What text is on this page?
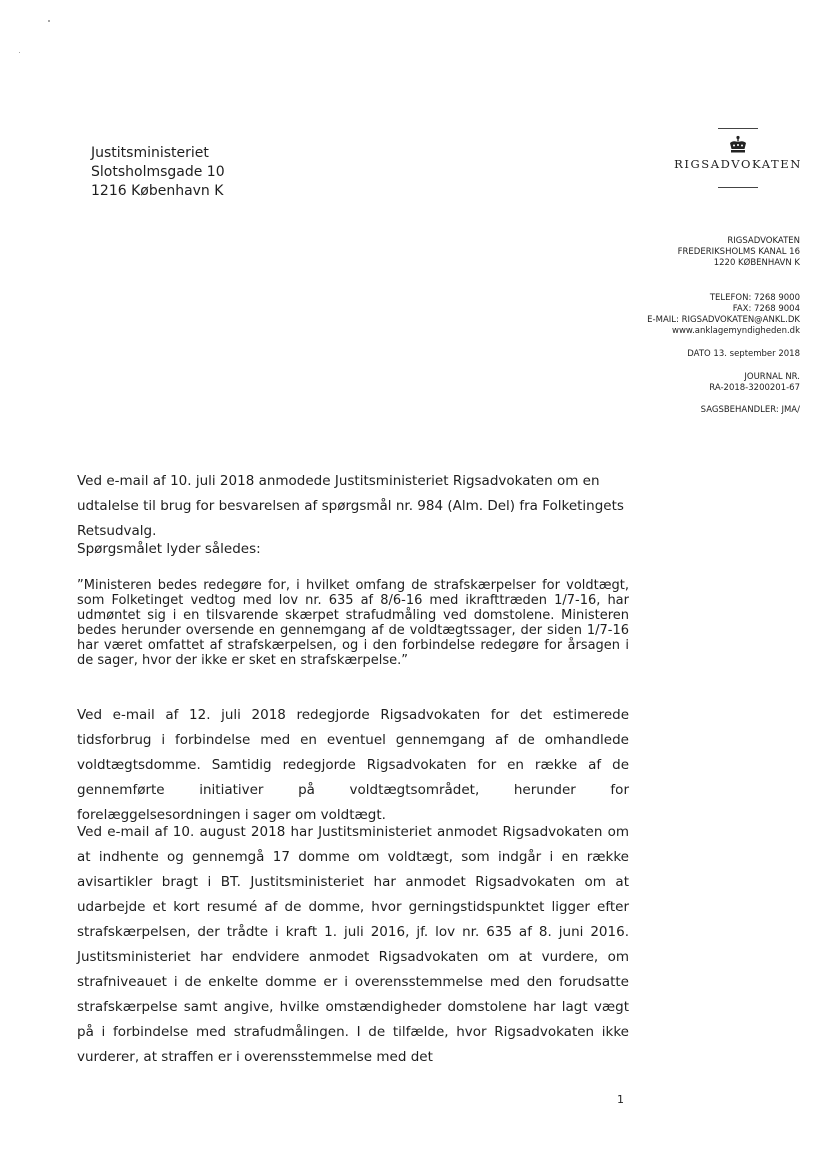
Justitsministeriet
Slotsholmsgade 10
1216 København K
RIGSADVOKATEN
RIGSADVOKATEN
FREDERIKSHOLMS KANAL 16
1220 KØBENHAVN K
TELEFON: 7268 9000
FAX: 7268 9004
E-MAIL: RIGSADVOKATEN@ANKL.DK
www.anklagemyndigheden.dk
DATO 13. september 2018
JOURNAL NR.
RA-2018-3200201-67
SAGSBEHANDLER: JMA/
Ved e-mail af 10. juli 2018 anmodede Justitsministeriet Rigsadvokaten om en udtalelse til brug for besvarelsen af spørgsmål nr. 984 (Alm. Del) fra Folketingets Retsudvalg.
Spørgsmålet lyder således:
”Ministeren bedes redegøre for, i hvilket omfang de strafskærpelser for voldtægt, som Folketinget vedtog med lov nr. 635 af 8/6-16 med ikrafttræden 1/7-16, har udmøntet sig i en tilsvarende skærpet strafudmåling ved domstolene. Ministeren bedes herunder oversende en gennemgang af de voldtægtssager, der siden 1/7-16 har været omfattet af strafskærpelsen, og i den forbindelse redegøre for årsagen i de sager, hvor der ikke er sket en strafskærpelse.”
Ved e-mail af 12. juli 2018 redegjorde Rigsadvokaten for det estimerede tidsforbrug i forbindelse med en eventuel gennemgang af de omhandlede voldtægtsdomme. Samtidig redegjorde Rigsadvokaten for en række af de gennemførte initiativer på voldtægtsområdet, herunder for forelæggelsesordningen i sager om voldtægt.
Ved e-mail af 10. august 2018 har Justitsministeriet anmodet Rigsadvokaten om at indhente og gennemgå 17 domme om voldtægt, som indgår i en række avisartikler bragt i BT. Justitsministeriet har anmodet Rigsadvokaten om at udarbejde et kort resumé af de domme, hvor gerningstidspunktet ligger efter strafskærpelsen, der trådte i kraft 1. juli 2016, jf. lov nr. 635 af 8. juni 2016. Justitsministeriet har endvidere anmodet Rigsadvokaten om at vurdere, om strafniveauet i de enkelte domme er i overensstemmelse med den forudsatte strafskærpelse samt angive, hvilke omstændigheder domstolene har lagt vægt på i forbindelse med strafudmålingen. I de tilfælde, hvor Rigsadvokaten ikke vurderer, at straffen er i overensstemmelse med det
1
